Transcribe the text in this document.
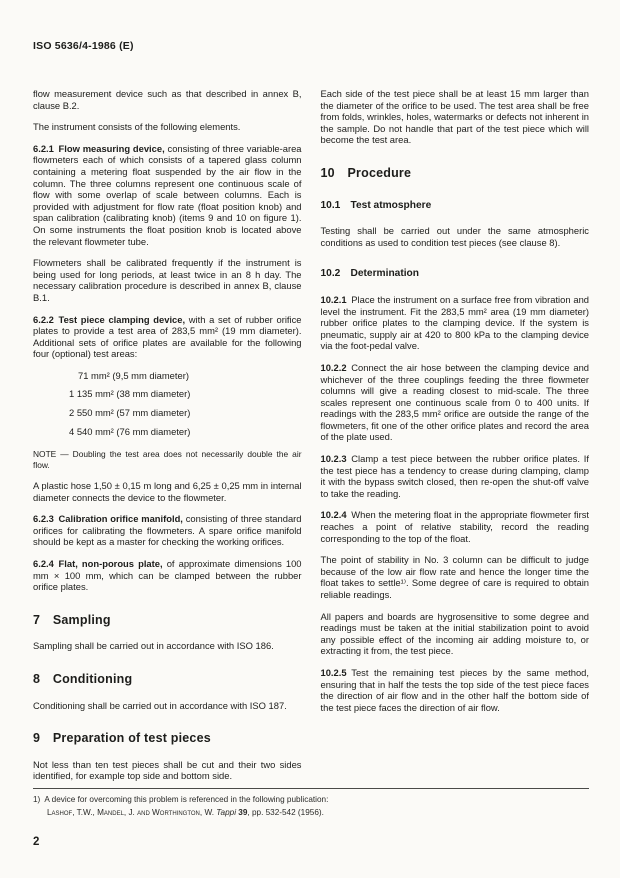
ISO 5636/4-1986 (E)

flow measurement device such as that described in annex B, clause B.2.

The instrument consists of the following elements.

6.2.1 Flow measuring device, consisting of three variable-area flowmeters each of which consists of a tapered glass column containing a metering float suspended by the air flow in the column. The three columns represent one continuous scale of flow with some overlap of scale between columns. Each is provided with adjustment for flow rate (float position knob) and span calibration (calibrating knob) (items 9 and 10 on figure 1). On some instruments the float position knob is located above the relevant flowmeter tube.

Flowmeters shall be calibrated frequently if the instrument is being used for long periods, at least twice in an 8 h day. The necessary calibration procedure is described in annex B, clause B.1.

6.2.2 Test piece clamping device, with a set of rubber orifice plates to provide a test area of 283,5 mm² (19 mm diameter). Additional sets of orifice plates are available for the following four (optional) test areas:

71 mm² (9,5 mm diameter)
1 135 mm² (38 mm diameter)
2 550 mm² (57 mm diameter)
4 540 mm² (76 mm diameter)

NOTE — Doubling the test area does not necessarily double the air flow.

A plastic hose 1,50 ± 0,15 m long and 6,25 ± 0,25 mm in internal diameter connects the device to the flowmeter.

6.2.3 Calibration orifice manifold, consisting of three standard orifices for calibrating the flowmeters. A spare orifice manifold should be kept as a master for checking the working orifices.

6.2.4 Flat, non-porous plate, of approximate dimensions 100 mm × 100 mm, which can be clamped between the rubber orifice plates.

7 Sampling

Sampling shall be carried out in accordance with ISO 186.

8 Conditioning

Conditioning shall be carried out in accordance with ISO 187.

9 Preparation of test pieces

Not less than ten test pieces shall be cut and their two sides identified, for example top side and bottom side.

Each side of the test piece shall be at least 15 mm larger than the diameter of the orifice to be used. The test area shall be free from folds, wrinkles, holes, watermarks or defects not inherent in the sample. Do not handle that part of the test piece which will become the test area.

10 Procedure
10.1 Test atmosphere

Testing shall be carried out under the same atmospheric conditions as used to condition test pieces (see clause 8).

10.2 Determination

10.2.1 Place the instrument on a surface free from vibration and level the instrument. Fit the 283,5 mm² area (19 mm diameter) rubber orifice plates to the clamping device. If the system is pneumatic, supply air at 420 to 800 kPa to the clamping device via the foot-pedal valve.

10.2.2 Connect the air hose between the clamping device and whichever of the three couplings feeding the three flowmeter columns will give a reading closest to mid-scale. The three scales represent one continuous scale from 0 to 400 units. If readings with the 283,5 mm² orifice are outside the range of the flowmeters, fit one of the other orifice plates and record the area of the plate used.

10.2.3 Clamp a test piece between the rubber orifice plates. If the test piece has a tendency to crease during clamping, clamp it with the bypass switch closed, then re-open the shut-off valve to take the reading.

10.2.4 When the metering float in the appropriate flowmeter first reaches a point of relative stability, record the reading corresponding to the top of the float.

The point of stability in No. 3 column can be difficult to judge because of the low air flow rate and hence the longer time the float takes to settle¹⁾. Some degree of care is required to obtain reliable readings.

All papers and boards are hygrosensitive to some degree and readings must be taken at the initial stabilization point to avoid any possible effect of the incoming air adding moisture to, or extracting it from, the test piece.

10.2.5 Test the remaining test pieces by the same method, ensuring that in half the tests the top side of the test piece faces the direction of air flow and in the other half the bottom side of the test piece faces the direction of air flow.

1) A device for overcoming this problem is referenced in the following publication:

Lashof, T.W., Mandel, J. and Worthington, W. Tappi 39, pp. 532-542 (1956).

2
